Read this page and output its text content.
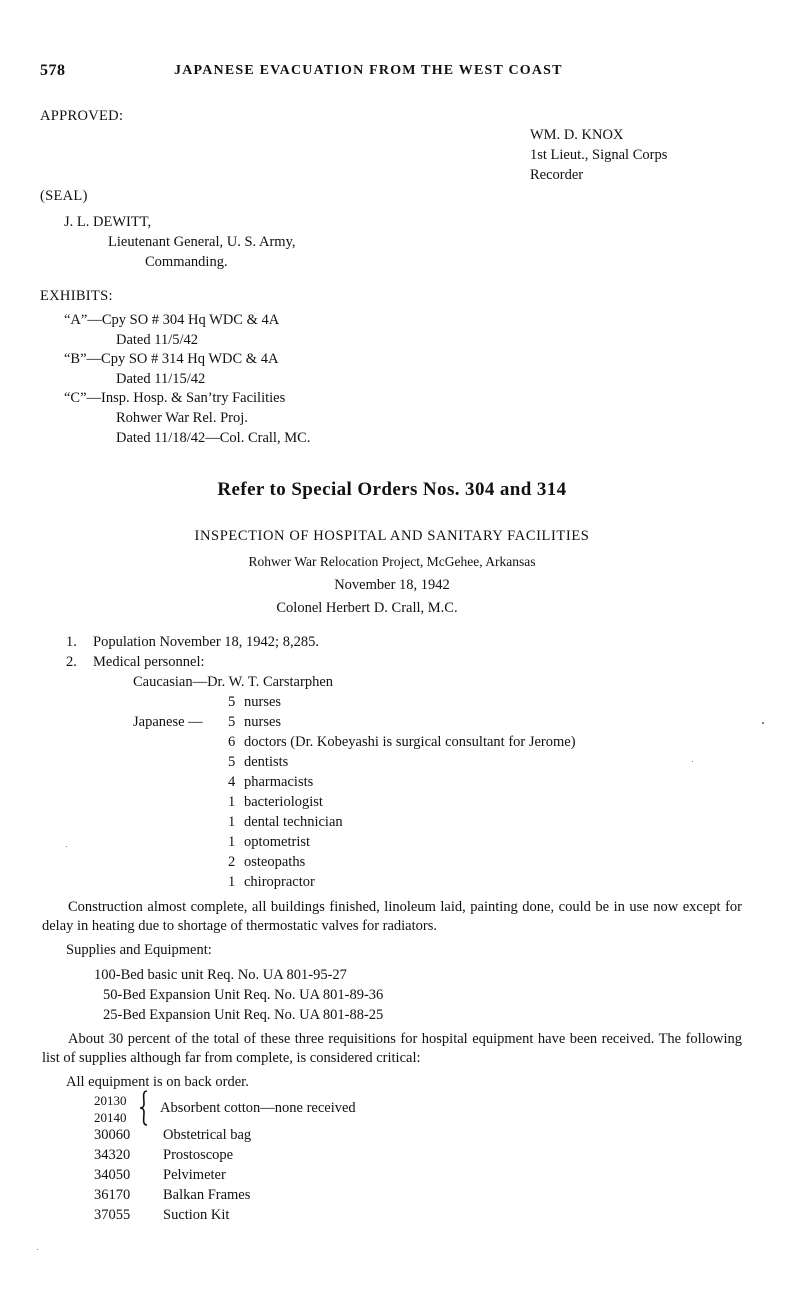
578	JAPANESE EVACUATION FROM THE WEST COAST
APPROVED:
WM. D. KNOX
1st Lieut., Signal Corps
Recorder
(SEAL)
J. L. DEWITT,
Lieutenant General, U. S. Army,
Commanding.
EXHIBITS:
“A”—Cpy SO # 304 Hq WDC & 4A
Dated 11/5/42
“B”—Cpy SO # 314 Hq WDC & 4A
Dated 11/15/42
“C”—Insp. Hosp. & San’try Facilities
Rohwer War Rel. Proj.
Dated 11/18/42—Col. Crall, MC.
Refer to Special Orders Nos. 304 and 314
INSPECTION OF HOSPITAL AND SANITARY FACILITIES
Rohwer War Relocation Project, McGehee, Arkansas
November 18, 1942
Colonel Herbert D. Crall, M.C.
1. Population November 18, 1942; 8,285.
2. Medical personnel:
Caucasian—Dr. W. T. Carstarphen
5 nurses
Japanese — 5 nurses
6 doctors (Dr. Kobeyashi is surgical consultant for Jerome)
5 dentists
4 pharmacists
1 bacteriologist
1 dental technician
1 optometrist
2 osteopaths
1 chiropractor
Construction almost complete, all buildings finished, linoleum laid, painting done, could be in use now except for delay in heating due to shortage of thermostatic valves for radiators.
Supplies and Equipment:
100-Bed basic unit Req. No. UA 801-95-27
50-Bed Expansion Unit Req. No. UA 801-89-36
25-Bed Expansion Unit Req. No. UA 801-88-25
About 30 percent of the total of these three requisitions for hospital equipment have been received. The following list of supplies although far from complete, is considered critical:
All equipment is on back order.
20130
20140
Absorbent cotton—none received
30060 Obstetrical bag
34320 Prostoscope
34050 Pelvimeter
36170 Balkan Frames
37055 Suction Kit
